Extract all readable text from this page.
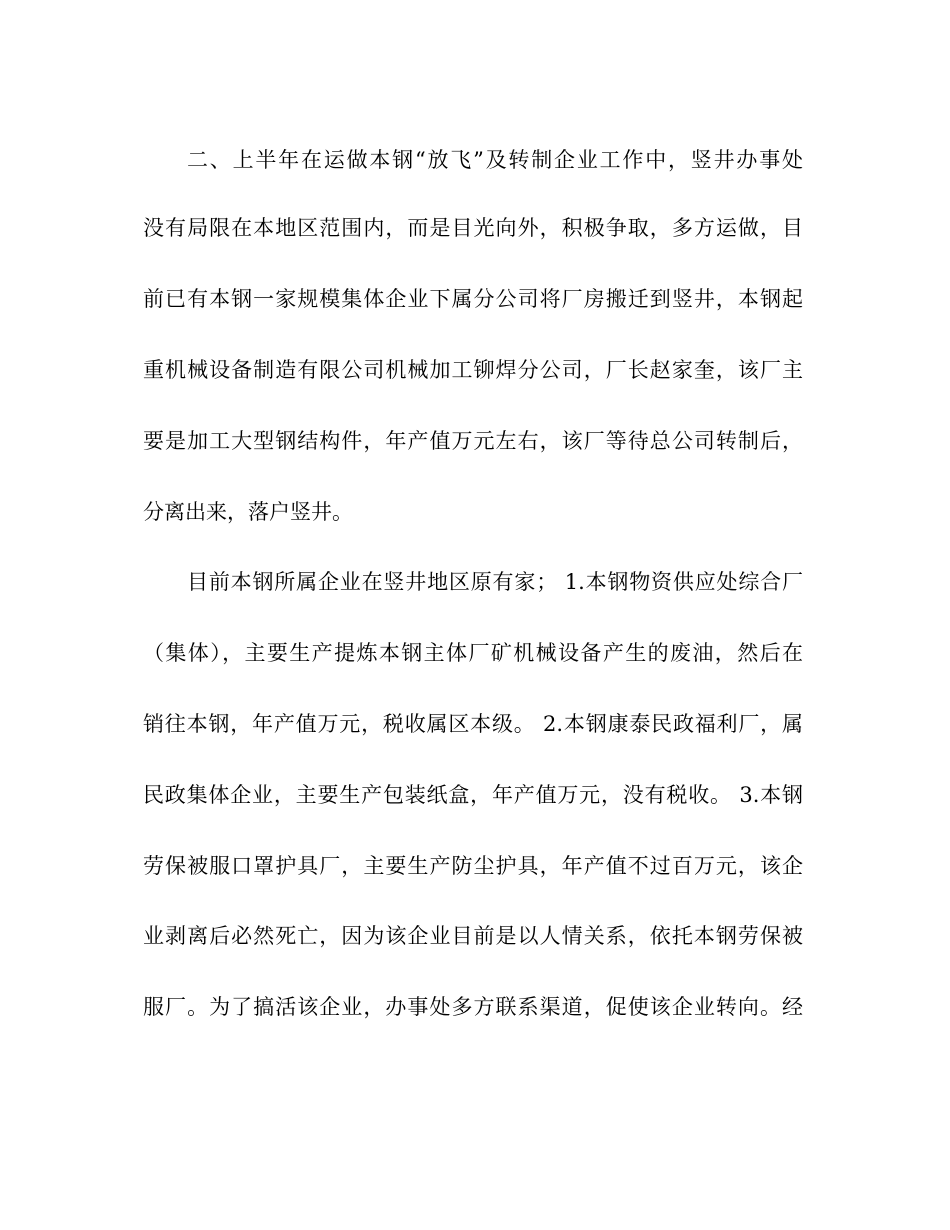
二、上半年在运做本钢“放飞”及转制企业工作中，竖井办事处
没有局限在本地区范围内，而是目光向外，积极争取，多方运做，目
前已有本钢一家规模集体企业下属分公司将厂房搬迁到竖井，本钢起
重机械设备制造有限公司机械加工铆焊分公司，厂长赵家奎，该厂主
要是加工大型钢结构件，年产值万元左右，该厂等待总公司转制后，
分离出来，落户竖井。
目前本钢所属企业在竖井地区原有家； 1.本钢物资供应处综合厂
（集体），主要生产提炼本钢主体厂矿机械设备产生的废油，然后在
销往本钢，年产值万元，税收属区本级。 2.本钢康泰民政福利厂，属
民政集体企业，主要生产包装纸盒，年产值万元，没有税收。 3.本钢
劳保被服口罩护具厂，主要生产防尘护具，年产值不过百万元，该企
业剥离后必然死亡，因为该企业目前是以人情关系，依托本钢劳保被
服厂。为了搞活该企业，办事处多方联系渠道，促使该企业转向。经
